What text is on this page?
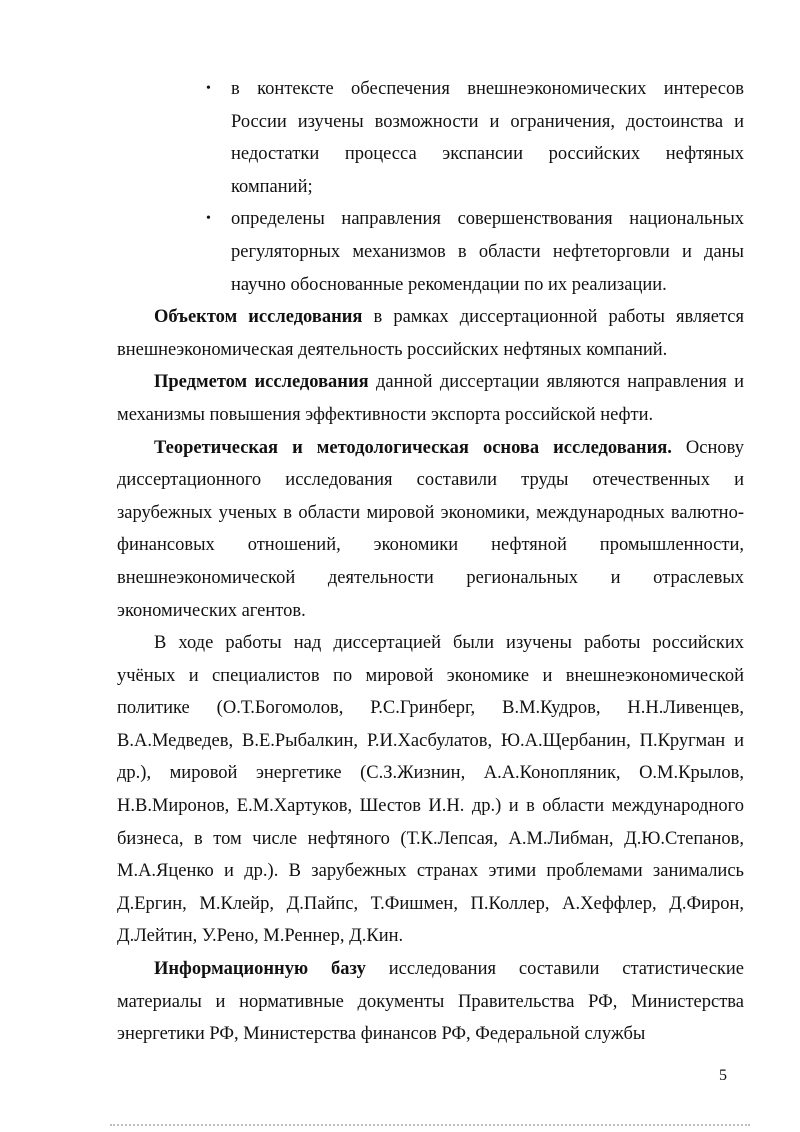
• в контексте обеспечения внешнеэкономических интересов России изучены возможности и ограничения, достоинства и недостатки процесса экспансии российских нефтяных компаний;
• определены направления совершенствования национальных регуляторных механизмов в области нефтеторговли и даны научно обоснованные рекомендации по их реализации.

Объектом исследования в рамках диссертационной работы является внешнеэкономическая деятельность российских нефтяных компаний.

Предметом исследования данной диссертации являются направления и механизмы повышения эффективности экспорта российской нефти.

Теоретическая и методологическая основа исследования. Основу диссертационного исследования составили труды отечественных и зарубежных ученых в области мировой экономики, международных валютно-финансовых отношений, экономики нефтяной промышленности, внешнеэкономической деятельности региональных и отраслевых экономических агентов.

В ходе работы над диссертацией были изучены работы российских учёных и специалистов по мировой экономике и внешнеэкономической политике (О.Т.Богомолов, Р.С.Гринберг, В.М.Кудров, Н.Н.Ливенцев, В.А.Медведев, В.Е.Рыбалкин, Р.И.Хасбулатов, Ю.А.Щербанин, П.Кругман и др.), мировой энергетике (С.З.Жизнин, А.А.Конопляник, О.М.Крылов, Н.В.Миронов, Е.М.Хартуков, Шестов И.Н. др.) и в области международного бизнеса, в том числе нефтяного (Т.К.Лепсая, А.М.Либман, Д.Ю.Степанов, М.А.Яценко и др.). В зарубежных странах этими проблемами занимались Д.Ергин, М.Клейр, Д.Пайпс, Т.Фишмен, П.Коллер, А.Хеффлер, Д.Фирон, Д.Лейтин, У.Рено, М.Реннер, Д.Кин.

Информационную базу исследования составили статистические материалы и нормативные документы Правительства РФ, Министерства энергетики РФ, Министерства финансов РФ, Федеральной службы

5
